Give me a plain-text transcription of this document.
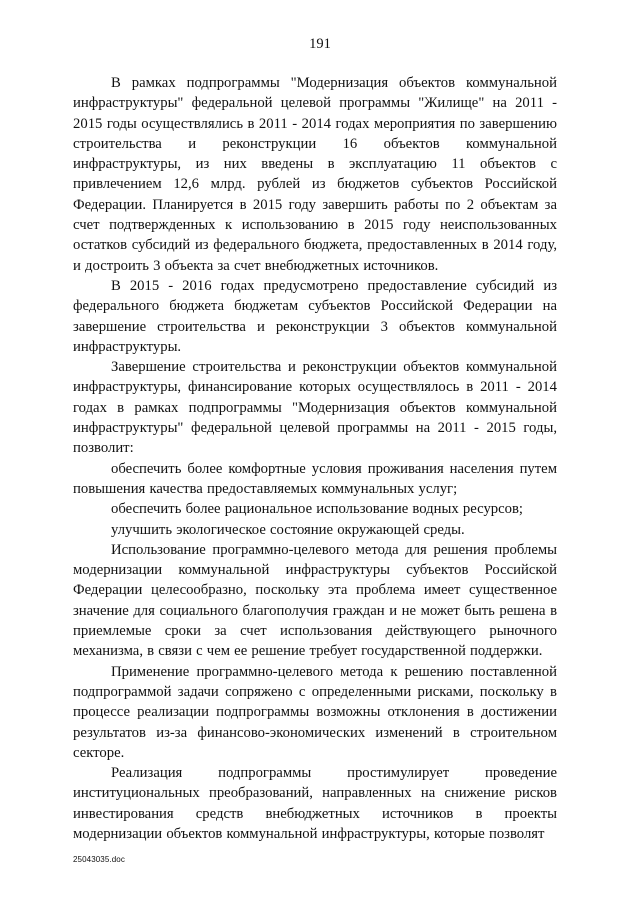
191

В рамках подпрограммы "Модернизация объектов коммунальной инфраструктуры" федеральной целевой программы "Жилище" на 2011 - 2015 годы осуществлялись в 2011 - 2014 годах мероприятия по завершению строительства и реконструкции 16 объектов коммунальной инфраструктуры, из них введены в эксплуатацию 11 объектов с привлечением 12,6 млрд. рублей из бюджетов субъектов Российской Федерации. Планируется в 2015 году завершить работы по 2 объектам за счет подтвержденных к использованию в 2015 году неиспользованных остатков субсидий из федерального бюджета, предоставленных в 2014 году, и достроить 3 объекта за счет внебюджетных источников.

В 2015 - 2016 годах предусмотрено предоставление субсидий из федерального бюджета бюджетам субъектов Российской Федерации на завершение строительства и реконструкции 3 объектов коммунальной инфраструктуры.

Завершение строительства и реконструкции объектов коммунальной инфраструктуры, финансирование которых осуществлялось в 2011 - 2014 годах в рамках подпрограммы "Модернизация объектов коммунальной инфраструктуры" федеральной целевой программы на 2011 - 2015 годы, позволит:

обеспечить более комфортные условия проживания населения путем повышения качества предоставляемых коммунальных услуг;

обеспечить более рациональное использование водных ресурсов;

улучшить экологическое состояние окружающей среды.

Использование программно-целевого метода для решения проблемы модернизации коммунальной инфраструктуры субъектов Российской Федерации целесообразно, поскольку эта проблема имеет существенное значение для социального благополучия граждан и не может быть решена в приемлемые сроки за счет использования действующего рыночного механизма, в связи с чем ее решение требует государственной поддержки.

Применение программно-целевого метода к решению поставленной подпрограммой задачи сопряжено с определенными рисками, поскольку в процессе реализации подпрограммы возможны отклонения в достижении результатов из-за финансово-экономических изменений в строительном секторе.

Реализация подпрограммы простимулирует проведение институциональных преобразований, направленных на снижение рисков инвестирования средств внебюджетных источников в проекты модернизации объектов коммунальной инфраструктуры, которые позволят

25043035.doc
